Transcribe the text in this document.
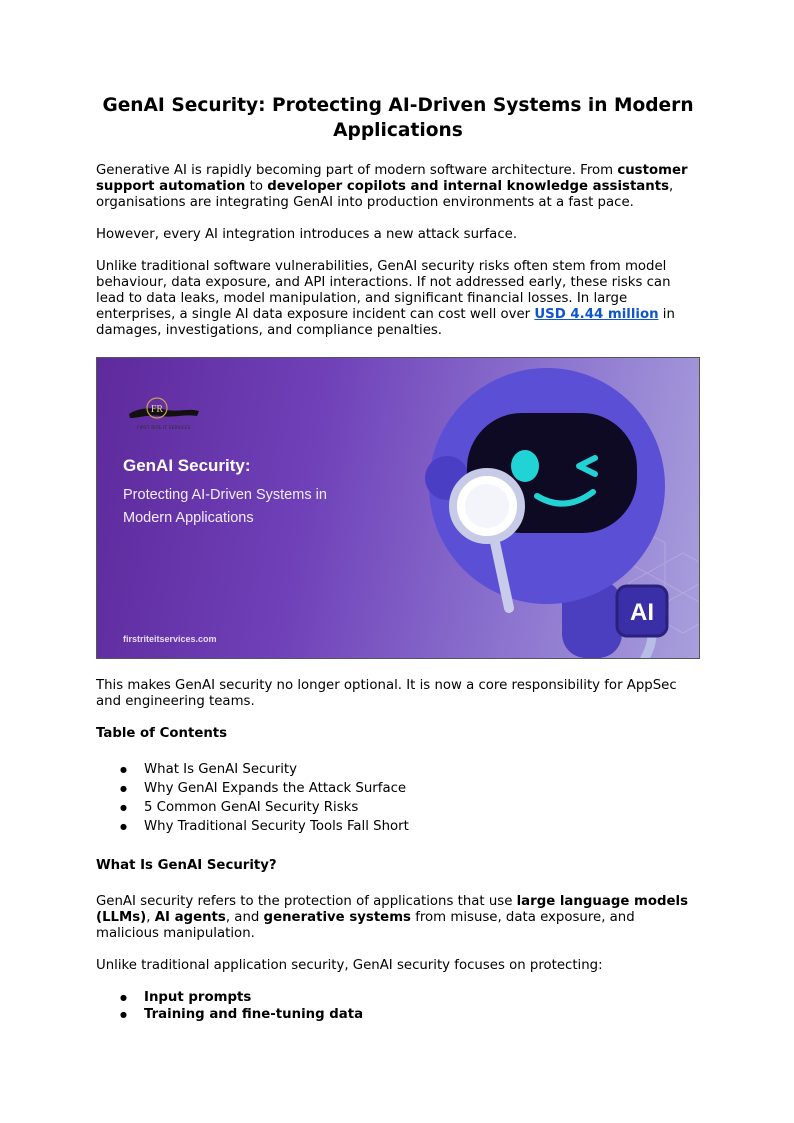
GenAI Security: Protecting AI-Driven Systems in Modern Applications

Generative AI is rapidly becoming part of modern software architecture. From customer support automation to developer copilots and internal knowledge assistants, organisations are integrating GenAI into production environments at a fast pace.

However, every AI integration introduces a new attack surface.

Unlike traditional software vulnerabilities, GenAI security risks often stem from model behaviour, data exposure, and API interactions. If not addressed early, these risks can lead to data leaks, model manipulation, and significant financial losses. In large enterprises, a single AI data exposure incident can cost well over USD 4.44 million in damages, investigations, and compliance penalties.

FR
FIRST RITE IT SERVICES
GenAI Security:
Protecting AI-Driven Systems in
Modern Applications
firstriteitservices.com
AI

This makes GenAI security no longer optional. It is now a core responsibility for AppSec and engineering teams.

Table of Contents
● What Is GenAI Security
● Why GenAI Expands the Attack Surface
● 5 Common GenAI Security Risks
● Why Traditional Security Tools Fall Short
What Is GenAI Security?

GenAI security refers to the protection of applications that use large language models (LLMs), AI agents, and generative systems from misuse, data exposure, and malicious manipulation.

Unlike traditional application security, GenAI security focuses on protecting:

● Input prompts
● Training and fine-tuning data
